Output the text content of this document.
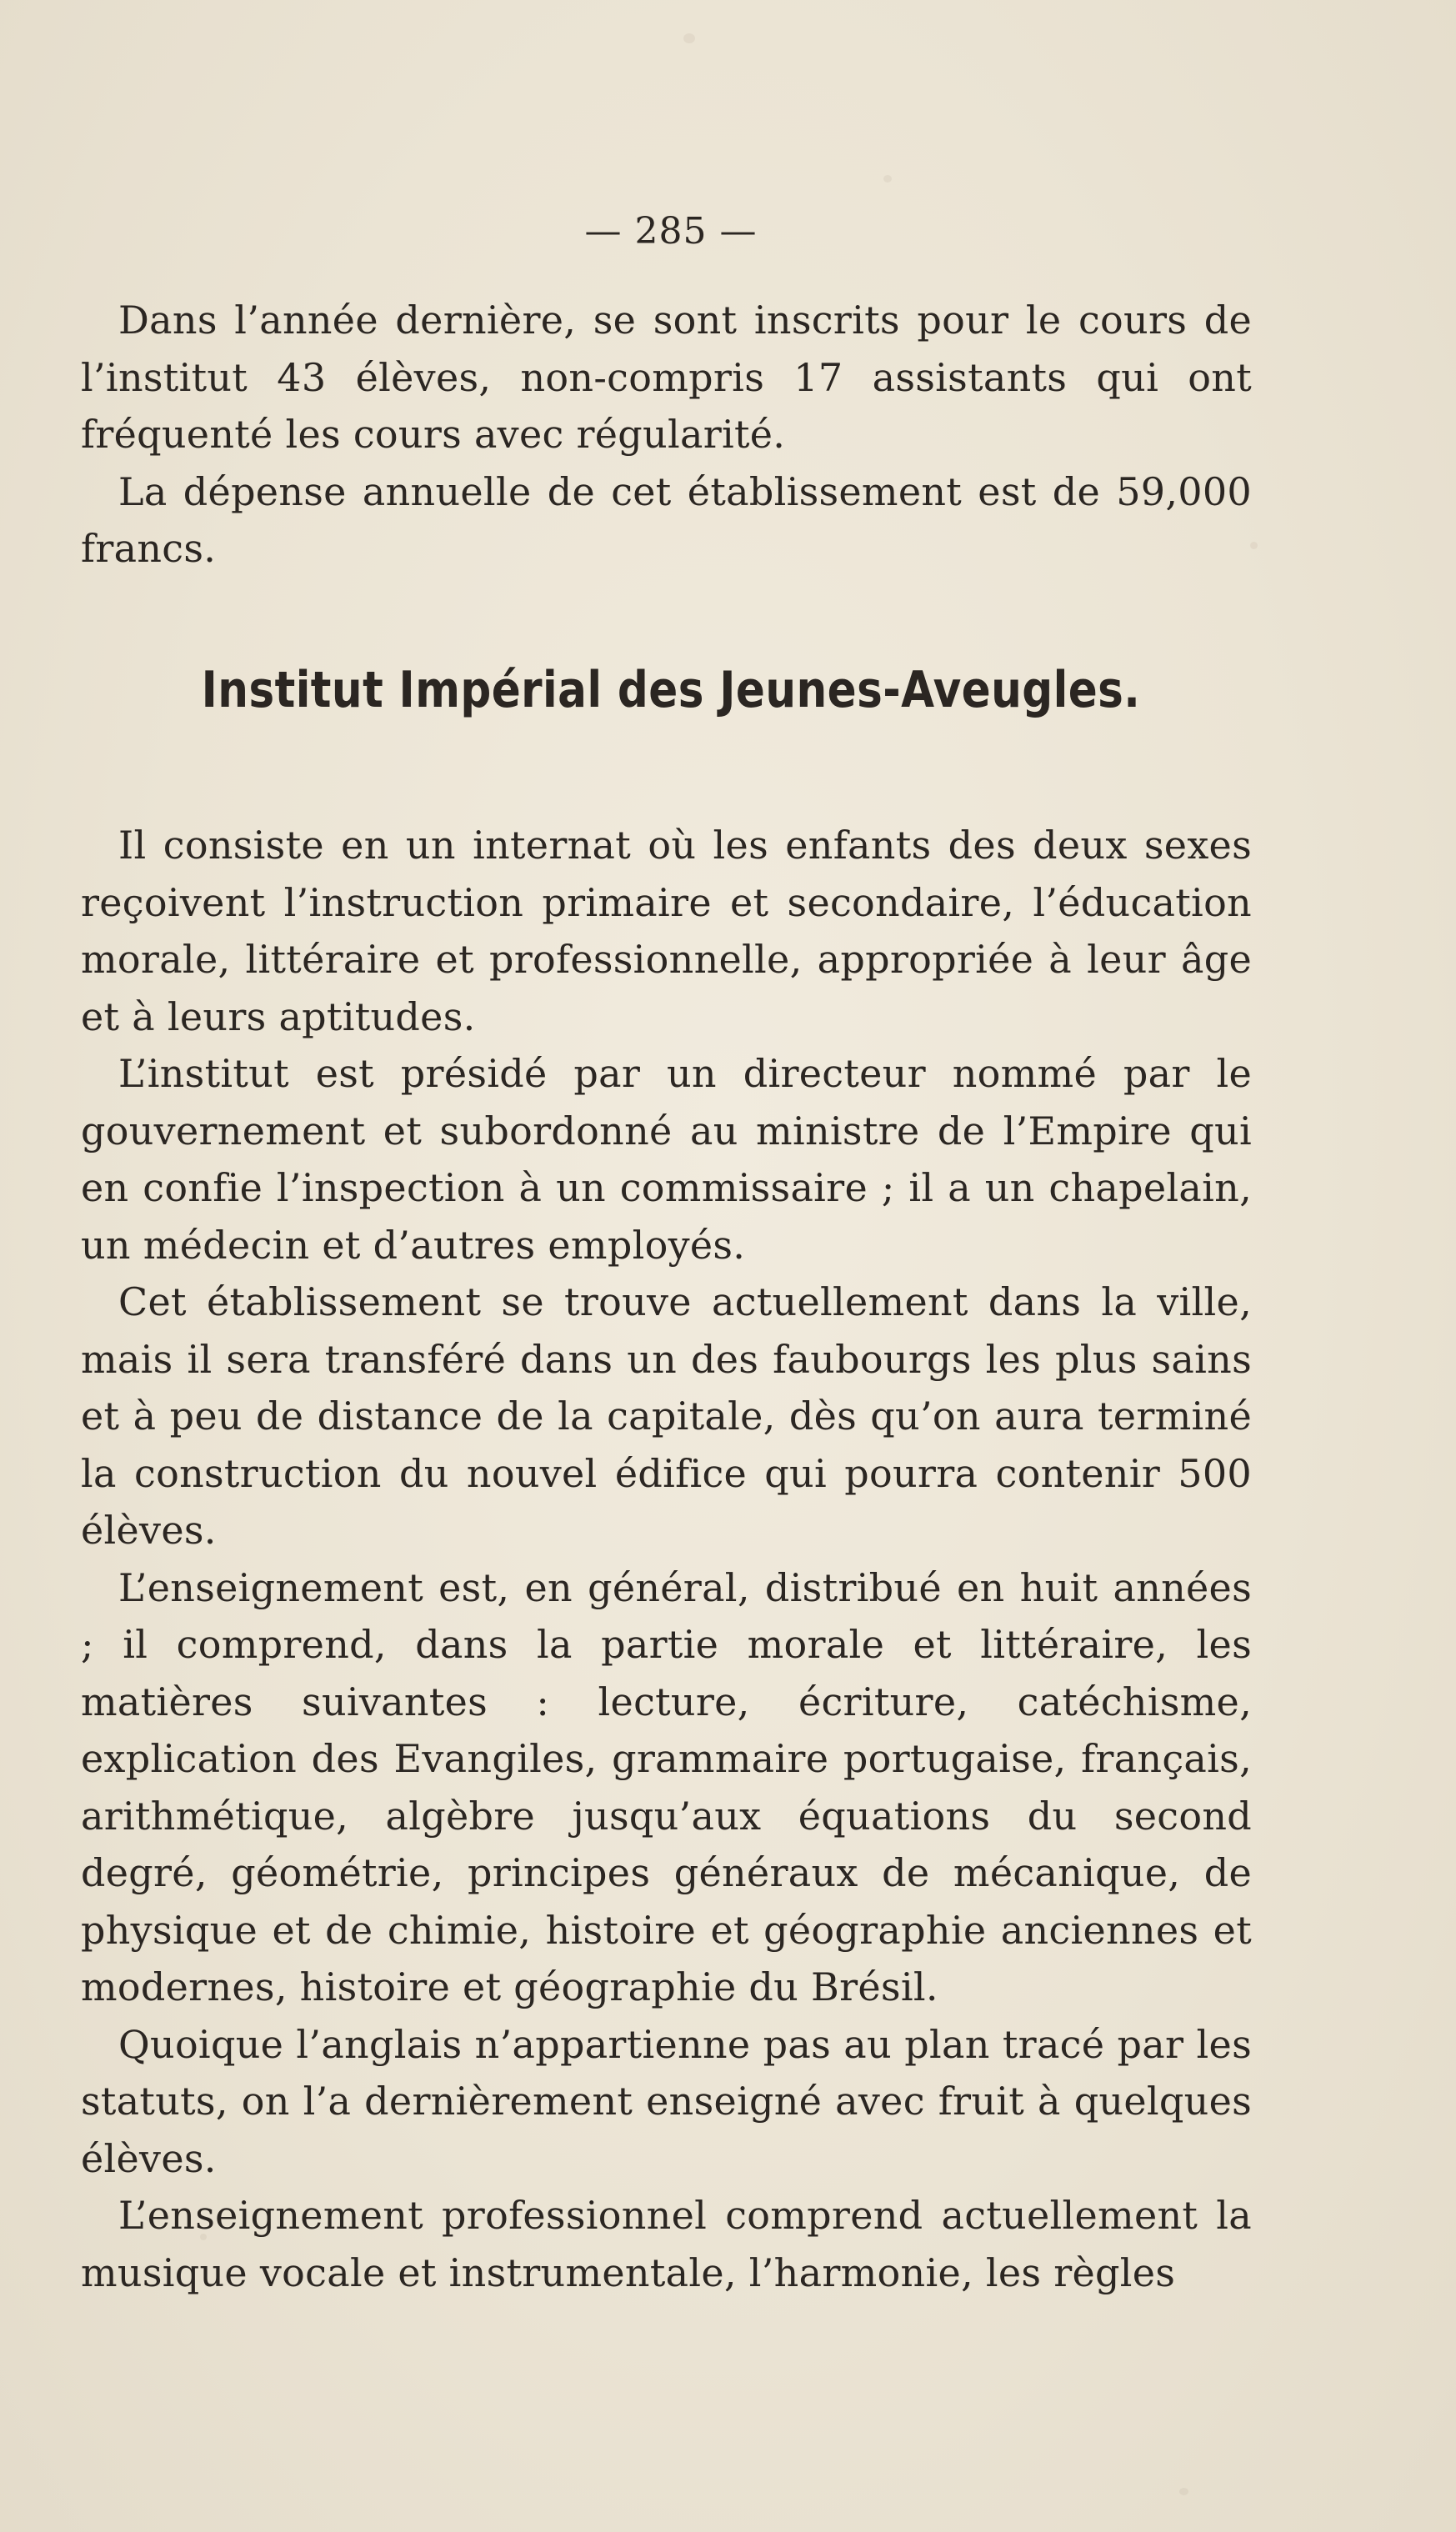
— 285 —

Dans l’année dernière, se sont inscrits pour le cours de l’institut 43 élèves, non-compris 17 assistants qui ont fréquenté les cours avec régularité.

La dépense annuelle de cet établissement est de 59,000 francs.

Institut Impérial des Jeunes-Aveugles.

Il consiste en un internat où les enfants des deux sexes reçoivent l’instruction primaire et secondaire, l’éducation morale, littéraire et professionnelle, appropriée à leur âge et à leurs aptitudes.

L’institut est présidé par un directeur nommé par le gouvernement et subordonné au ministre de l’Empire qui en confie l’inspection à un commissaire ; il a un chapelain, un médecin et d’autres employés.

Cet établissement se trouve actuellement dans la ville, mais il sera transféré dans un des faubourgs les plus sains et à peu de distance de la capitale, dès qu’on aura terminé la construction du nouvel édifice qui pourra contenir 500 élèves.

L’enseignement est, en général, distribué en huit années ; il comprend, dans la partie morale et littéraire, les matières suivantes : lecture, écriture, catéchisme, explication des Evangiles, grammaire portugaise, français, arithmétique, algèbre jusqu’aux équations du second degré, géométrie, principes généraux de mécanique, de physique et de chimie, histoire et géographie anciennes et modernes, histoire et géographie du Brésil.

Quoique l’anglais n’appartienne pas au plan tracé par les statuts, on l’a dernièrement enseigné avec fruit à quelques élèves.

L’enseignement professionnel comprend actuellement la musique vocale et instrumentale, l’harmonie, les règles
